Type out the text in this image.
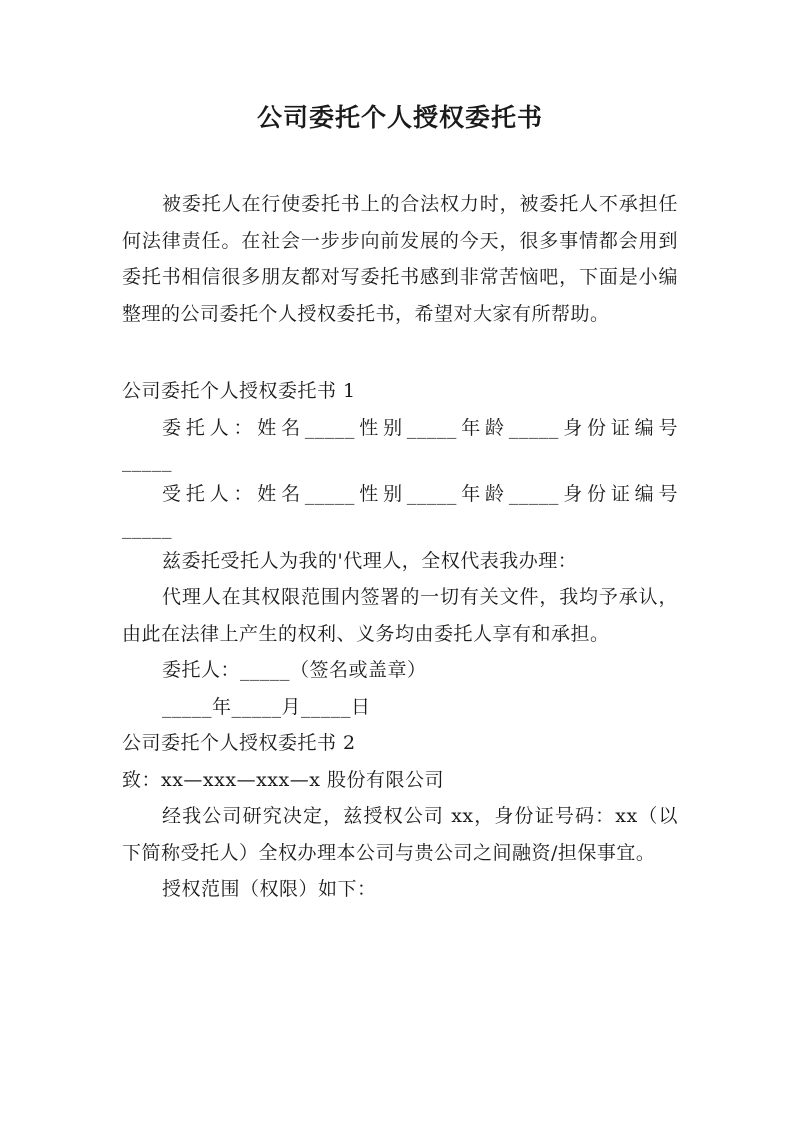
公司委托个人授权委托书

被委托人在行使委托书上的合法权力时，被委托人不承担任何法律责任。在社会一步步向前发展的今天，很多事情都会用到委托书相信很多朋友都对写委托书感到非常苦恼吧，下面是小编整理的公司委托个人授权委托书，希望对大家有所帮助。

公司委托个人授权委托书 1

委托人：姓名_____性别_____年龄_____身份证编号

_____

受托人：姓名_____性别_____年龄_____身份证编号

_____

兹委托受托人为我的'代理人，全权代表我办理：

代理人在其权限范围内签署的一切有关文件，我均予承认，由此在法律上产生的权利、义务均由委托人享有和承担。

委托人：_____（签名或盖章）

_____年_____月_____日

公司委托个人授权委托书 2

致：xx—xxx—xxx—x 股份有限公司

经我公司研究决定，兹授权公司 xx，身份证号码：xx（以下简称受托人）全权办理本公司与贵公司之间融资/担保事宜。

授权范围（权限）如下：
